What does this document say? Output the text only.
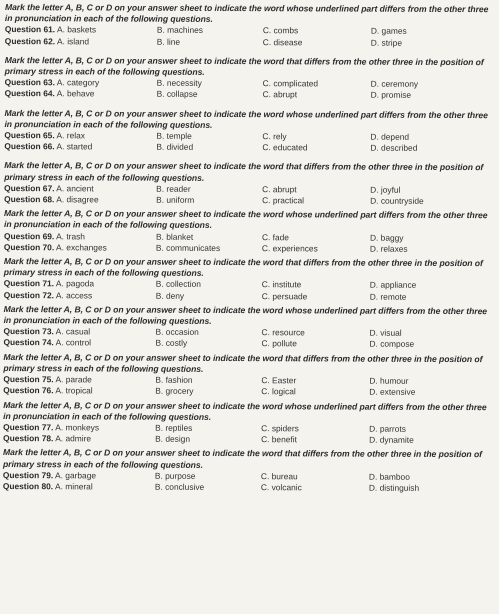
Mark the letter A, B, C or D on your answer sheet to indicate the word whose underlined part differs from the other three in pronunciation in each of the following questions.

Question 61. A. baskets	B. machines	C. combs	D. games
Question 62. A. island	B. line	C. disease	D. stripe

Mark the letter A, B, C or D on your answer sheet to indicate the word that differs from the other three in the position of primary stress in each of the following questions.

Question 63. A. category	B. necessity	C. complicated	D. ceremony
Question 64. A. behave	B. collapse	C. abrupt	D. promise

Mark the letter A, B, C or D on your answer sheet to indicate the word whose underlined part differs from the other three in pronunciation in each of the following questions.

Question 65. A. relax	B. temple	C. rely	D. depend
Question 66. A. started	B. divided	C. educated	D. described

Mark the letter A, B, C or D on your answer sheet to indicate the word that differs from the other three in the position of primary stress in each of the following questions.

Question 67. A. ancient	B. reader	C. abrupt	D. joyful
Question 68. A. disagree	B. uniform	C. practical	D. countryside

Mark the letter A, B, C or D on your answer sheet to indicate the word whose underlined part differs from the other three in pronunciation in each of the following questions.

Question 69. A. trash	B. blanket	C. fade	D. baggy
Question 70. A. exchanges	B. communicates	C. experiences	D. relaxes

Mark the letter A, B, C or D on your answer sheet to indicate the word that differs from the other three in the position of primary stress in each of the following questions.

Question 71. A. pagoda	B. collection	C. institute	D. appliance
Question 72. A. access	B. deny	C. persuade	D. remote

Mark the letter A, B, C or D on your answer sheet to indicate the word whose underlined part differs from the other three in pronunciation in each of the following questions.

Question 73. A. casual	B. occasion	C. resource	D. visual
Question 74. A. control	B. costly	C. pollute	D. compose

Mark the letter A, B, C or D on your answer sheet to indicate the word that differs from the other three in the position of primary stress in each of the following questions.

Question 75. A. parade	B. fashion	C. Easter	D. humour
Question 76. A. tropical	B. grocery	C. logical	D. extensive

Mark the letter A, B, C or D on your answer sheet to indicate the word whose underlined part differs from the other three in pronunciation in each of the following questions.

Question 77. A. monkeys	B. reptiles	C. spiders	D. parrots
Question 78. A. admire	B. design	C. benefit	D. dynamite

Mark the letter A, B, C or D on your answer sheet to indicate the word that differs from the other three in the position of primary stress in each of the following questions.

Question 79. A. garbage	B. purpose	C. bureau	D. bamboo
Question 80. A. mineral	B. conclusive	C. volcanic	D. distinguish
